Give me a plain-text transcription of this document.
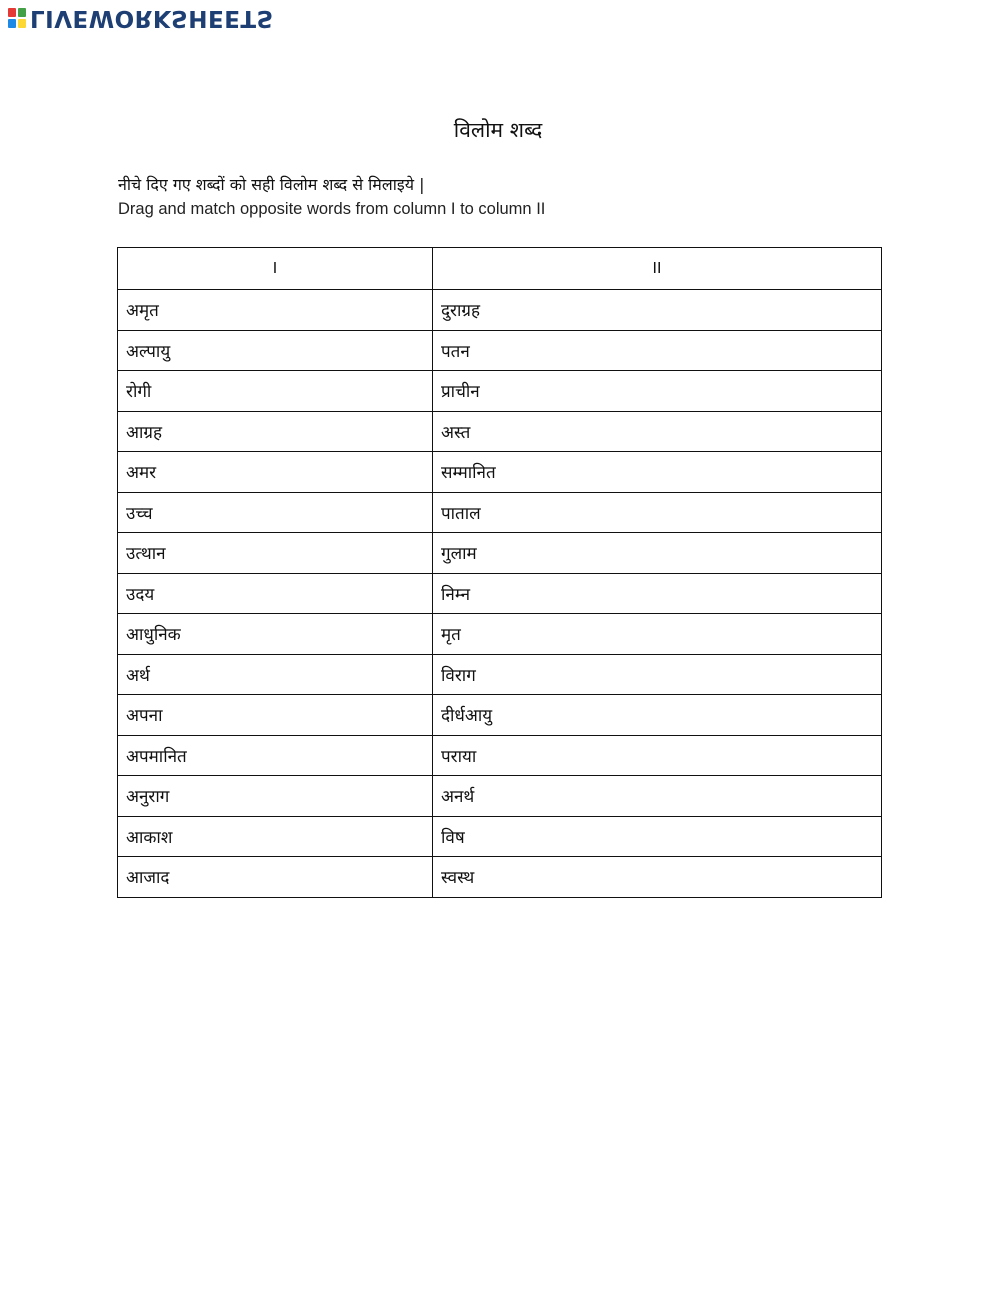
LIVEWORKSHEETS
विलोम शब्द
नीचे दिए गए शब्दों को सही विलोम शब्द से मिलाइये |
Drag and match opposite words from column I to column II
I	II
अमृत	दुराग्रह
अल्पायु	पतन
रोगी	प्राचीन
आग्रह	अस्त
अमर	सम्मानित
उच्च	पाताल
उत्थान	गुलाम
उदय	निम्न
आधुनिक	मृत
अर्थ	विराग
अपना	दीर्धआयु
अपमानित	पराया
अनुराग	अनर्थ
आकाश	विष
आजाद	स्वस्थ
